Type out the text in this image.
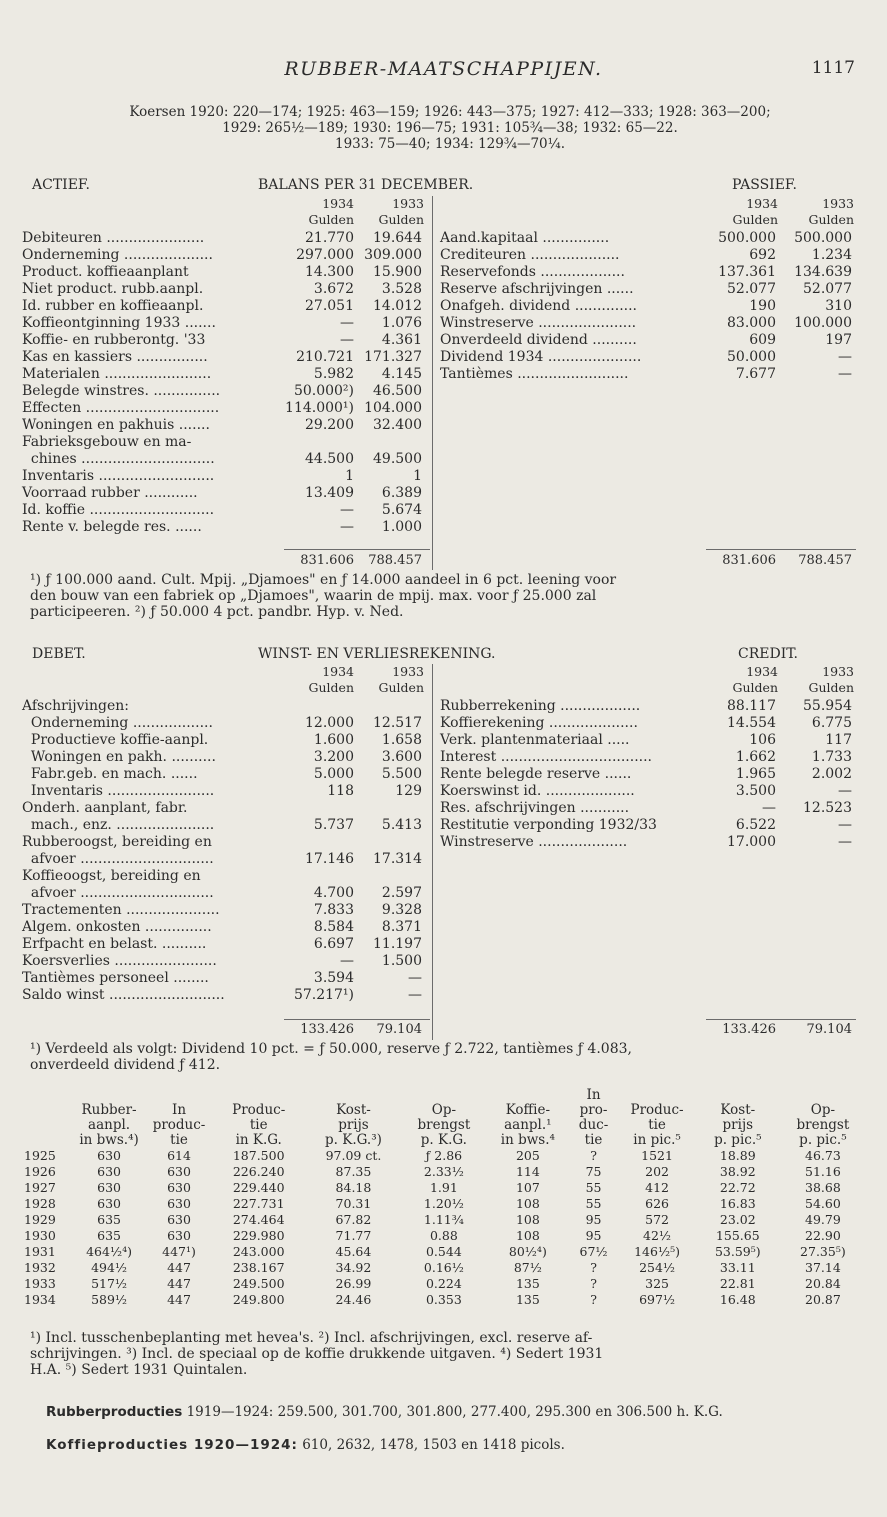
RUBBER-MAATSCHAPPIJEN.	1117
Koersen 1920: 220—174; 1925: 463—159; 1926: 443—375; 1927: 412—333; 1928: 363—200;
1929: 265½—189; 1930: 196—75; 1931: 105¾—38; 1932: 65—22.
1933: 75—40; 1934: 129¾—70¼.
ACTIEF.	BALANS PER 31 DECEMBER.	PASSIEF.
1934	1933
Gulden	Gulden
1934	1933
Gulden	Gulden
Debiteuren ......................	21.770	19.644
Onderneming ....................	297.000 309.000
Product. koffieaanplant	14.300	15.900
Niet product. rubb.aanpl.	3.672	3.528
Id. rubber en koffieaanpl.	27.051	14.012
Koffieontginning 1933 .......	—	1.076
Koffie- en rubberontg. '33	—	4.361
Kas en kassiers ................	210.721 171.327
Materialen ........................	5.982	4.145
Belegde winstres. ...............	50.000²)	46.500
Effecten ..............................	114.000¹) 104.000
Woningen en pakhuis .......	29.200	32.400
Fabrieksgebouw en ma-
chines ..............................	44.500	49.500
Inventaris ..........................	1	1
Voorraad rubber ............	13.409	6.389
Id. koffie ............................	—	5.674
Rente v. belegde res. ......	—	1.000
Aand.kapitaal ...............	500.000	500.000
Crediteuren ....................	692	1.234
Reservefonds ...................	137.361	134.639
Reserve afschrijvingen ......	52.077	52.077
Onafgeh. dividend ..............	190	310
Winstreserve ......................	83.000	100.000
Onverdeeld dividend ..........	609	197
Dividend 1934 .....................	50.000	—
Tantièmes .........................	7.677	—
831.606	788.457	831.606	788.457
¹) ƒ 100.000 aand. Cult. Mpij. „Djamoes" en ƒ 14.000 aandeel in 6 pct. leening voor
den bouw van een fabriek op „Djamoes", waarin de mpij. max. voor ƒ 25.000 zal
participeeren. ²) ƒ 50.000 4 pct. pandbr. Hyp. v. Ned.
DEBET.	WINST- EN VERLIESREKENING.	CREDIT.
1934	1933
Gulden	Gulden
1934	1933
Gulden	Gulden
Afschrijvingen:
Onderneming ..................	12.000	12.517
Productieve koffie-aanpl.	1.600	1.658
Woningen en pakh. ..........	3.200	3.600
Fabr.geb. en mach. ......	5.000	5.500
Inventaris ........................	118	129
Onderh. aanplant, fabr.
mach., enz. ......................	5.737	5.413
Rubberoogst, bereiding en
afvoer ..............................	17.146	17.314
Koffieoogst, bereiding en
afvoer ..............................	4.700	2.597
Tractementen .....................	7.833	9.328
Algem. onkosten ...............	8.584	8.371
Erfpacht en belast. ..........	6.697	11.197
Koersverlies .......................	—	1.500
Tantièmes personeel ........	3.594	—
Saldo winst ..........................	57.217¹)	—
Rubberrekening ..................	88.117	55.954
Koffierekening ....................	14.554	6.775
Verk. plantenmateriaal .....	106	117
Interest ..................................	1.662	1.733
Rente belegde reserve ......	1.965	2.002
Koerswinst id. ....................	3.500	—
Res. afschrijvingen ...........	—	12.523
Restitutie verponding 1932/33	6.522	—
Winstreserve ....................	17.000	—
133.426	79.104	133.426	79.104
¹) Verdeeld als volgt: Dividend 10 pct. = ƒ 50.000, reserve ƒ 2.722, tantièmes ƒ 4.083,
onverdeeld dividend ƒ 412.
							In			
	Rubber-	In	Produc-	Kost-	Op-	Koffie-	pro-	Produc-	Kost-	Op-
	aanpl.	produc-	tie	prijs	brengst	aanpl.¹	duc-	tie	prijs	brengst
	in bws.⁴)	tie	in K.G.	p. K.G.³)	p. K.G.	in bws.⁴	tie	in pic.⁵	p. pic.⁵	p. pic.⁵
1925	630	614	187.500	97.09 ct.	ƒ 2.86	205	?	1521	18.89	46.73
1926	630	630	226.240	87.35	2.33½	114	75	202	38.92	51.16
1927	630	630	229.440	84.18	1.91	107	55	412	22.72	38.68
1928	630	630	227.731	70.31	1.20½	108	55	626	16.83	54.60
1929	635	630	274.464	67.82	1.11¾	108	95	572	23.02	49.79
1930	635	630	229.980	71.77	0.88	108	95	42½	155.65	22.90
1931	464½⁴)	447¹)	243.000	45.64	0.544	80½⁴)	67½	146½⁵)	53.59⁵)	27.35⁵)
1932	494½	447	238.167	34.92	0.16½	87½	?	254½	33.11	37.14
1933	517½	447	249.500	26.99	0.224	135	?	325	22.81	20.84
1934	589½	447	249.800	24.46	0.353	135	?	697½	16.48	20.87
¹) Incl. tusschenbeplanting met hevea's. ²) Incl. afschrijvingen, excl. reserve af-
schrijvingen. ³) Incl. de speciaal op de koffie drukkende uitgaven. ⁴) Sedert 1931
H.A. ⁵) Sedert 1931 Quintalen.
Rubberproducties 1919—1924: 259.500, 301.700, 301.800, 277.400, 295.300 en 306.500 h. K.G.
Koffieproducties 1920—1924: 610, 2632, 1478, 1503 en 1418 picols.
